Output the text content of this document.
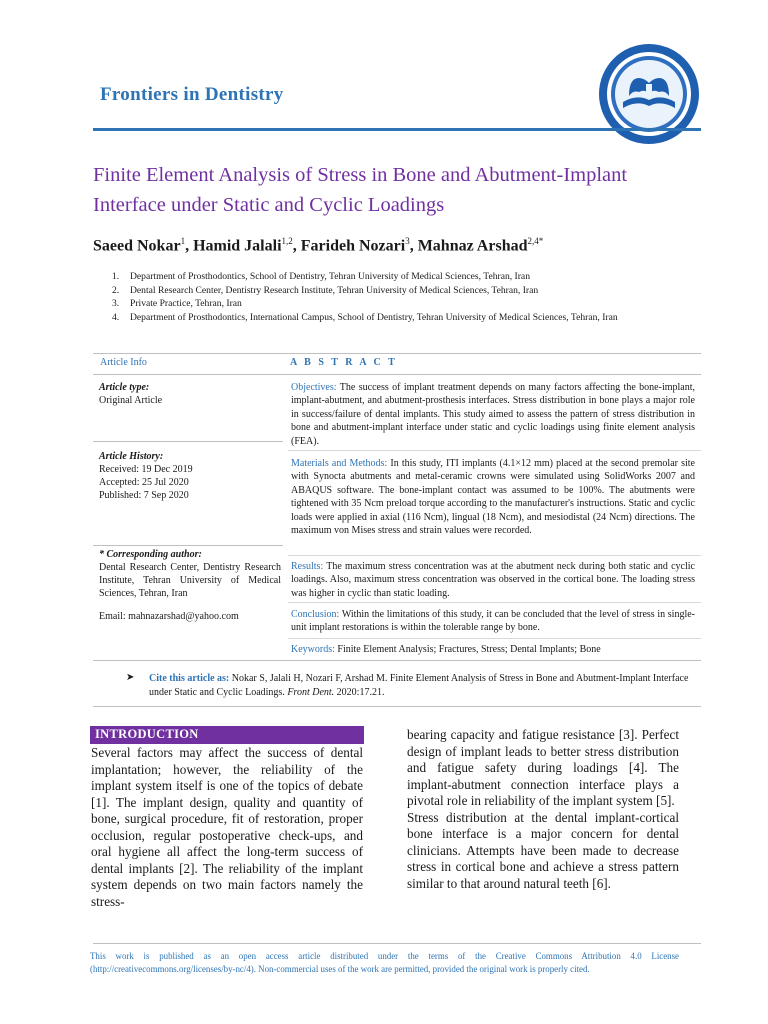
Frontiers in Dentistry
Finite Element Analysis of Stress in Bone and Abutment-Implant Interface under Static and Cyclic Loadings
Saeed Nokar$^1$, Hamid Jalali$^{1,2}$, Farideh Nozari$^3$, Mahnaz Arshad$^{2,4*}$
1. Department of Prosthodontics, School of Dentistry, Tehran University of Medical Sciences, Tehran, Iran
2. Dental Research Center, Dentistry Research Institute, Tehran University of Medical Sciences, Tehran, Iran
3. Private Practice, Tehran, Iran
4. Department of Prosthodontics, International Campus, School of Dentistry, Tehran University of Medical Sciences, Tehran, Iran
Article Info	A B S T R A C T
Article type:
Original Article
Article History:
Received: 19 Dec 2019
Accepted: 25 Jul 2020
Published: 7 Sep 2020
* Corresponding author:
Dental Research Center, Dentistry Research Institute, Tehran University of Medical Sciences, Tehran, Iran
Email: mahnazarshad@yahoo.com
Objectives: The success of implant treatment depends on many factors affecting the bone-implant, implant-abutment, and abutment-prosthesis interfaces. Stress distribution in bone plays a major role in success/failure of dental implants. This study aimed to assess the pattern of stress distribution in bone and abutment-implant interface under static and cyclic loadings using finite element analysis (FEA).
Materials and Methods: In this study, ITI implants (4.1×12 mm) placed at the second premolar site with Synocta abutments and metal-ceramic crowns were simulated using SolidWorks 2007 and ABAQUS software. The bone-implant contact was assumed to be 100%. The abutments were tightened with 35 Ncm preload torque according to the manufacturer's instructions. Static and cyclic loads were applied in axial (116 Ncm), lingual (18 Ncm), and mesiodistal (24 Ncm) directions. The maximum von Mises stress and strain values were recorded.
Results: The maximum stress concentration was at the abutment neck during both static and cyclic loadings. Also, maximum stress concentration was observed in the cortical bone. The loading stress was higher in cyclic than static loading.
Conclusion: Within the limitations of this study, it can be concluded that the level of stress in single-unit implant restorations is within the tolerable range by bone.
Keywords: Finite Element Analysis; Fractures, Stress; Dental Implants; Bone
➤ Cite this article as: Nokar S, Jalali H, Nozari F, Arshad M. Finite Element Analysis of Stress in Bone and Abutment-Implant Interface under Static and Cyclic Loadings. Front Dent. 2020:17.21.
INTRODUCTION
Several factors may affect the success of dental implantation; however, the reliability of the implant system itself is one of the topics of debate [1]. The implant design, quality and quantity of bone, surgical procedure, fit of restoration, proper occlusion, regular postoperative check-ups, and oral hygiene all affect the long-term success of dental implants [2]. The reliability of the implant system depends on two main factors namely the stress-

bearing capacity and fatigue resistance [3]. Perfect design of implant leads to better stress distribution and fatigue safety during loadings [4]. The implant-abutment connection interface plays a pivotal role in reliability of the implant system [5].

Stress distribution at the dental implant-cortical bone interface is a major concern for dental clinicians. Attempts have been made to decrease stress in cortical bone and achieve a stress pattern similar to that around natural teeth [6].

This work is published as an open access article distributed under the terms of the Creative Commons Attribution 4.0 License (http://creativecommons.org/licenses/by-nc/4). Non-commercial uses of the work are permitted, provided the original work is properly cited.
